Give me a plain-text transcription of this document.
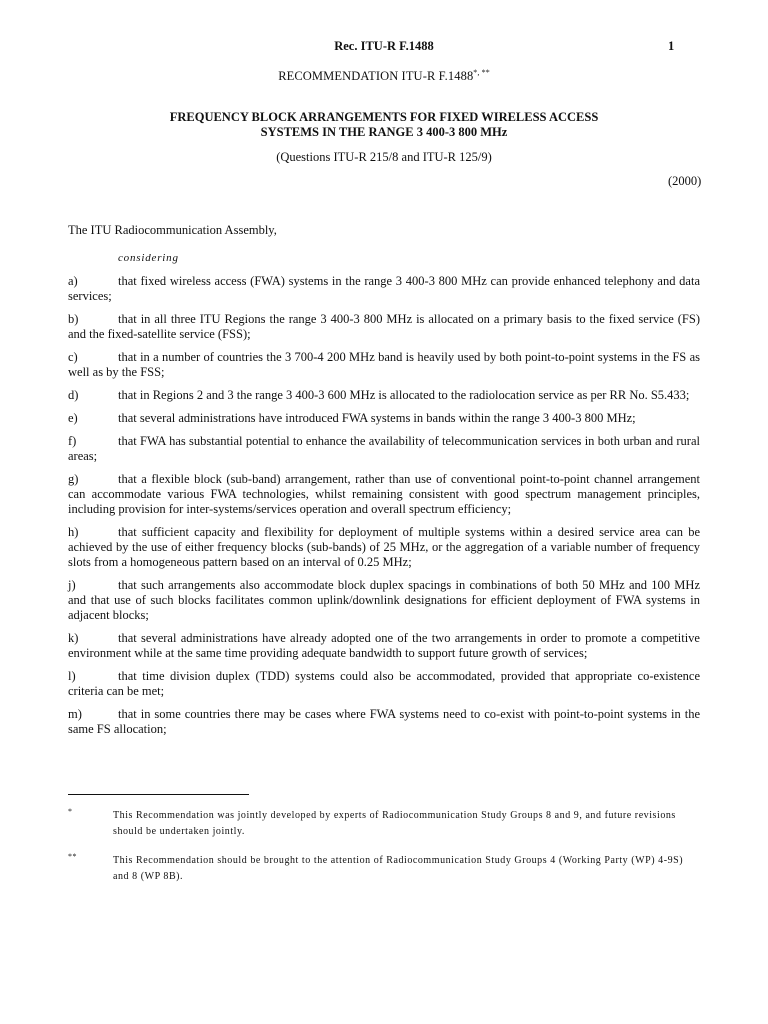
Rec. ITU-R F.1488	1
RECOMMENDATION ITU-R F.1488*, **
FREQUENCY BLOCK ARRANGEMENTS FOR FIXED WIRELESS ACCESS
SYSTEMS IN THE RANGE 3 400-3 800 MHz
(Questions ITU-R 215/8 and ITU-R 125/9)
(2000)
The ITU Radiocommunication Assembly,
considering
a)	that fixed wireless access (FWA) systems in the range 3 400-3 800 MHz can provide enhanced telephony and data services;
b)	that in all three ITU Regions the range 3 400-3 800 MHz is allocated on a primary basis to the fixed service (FS) and the fixed-satellite service (FSS);
c)	that in a number of countries the 3 700-4 200 MHz band is heavily used by both point-to-point systems in the FS as well as by the FSS;
d)	that in Regions 2 and 3 the range 3 400-3 600 MHz is allocated to the radiolocation service as per RR No. S5.433;
e)	that several administrations have introduced FWA systems in bands within the range 3 400-3 800 MHz;
f)	that FWA has substantial potential to enhance the availability of telecommunication services in both urban and rural areas;
g)	that a flexible block (sub-band) arrangement, rather than use of conventional point-to-point channel arrangement can accommodate various FWA technologies, whilst remaining consistent with good spectrum management principles, including provision for inter-systems/services operation and overall spectrum efficiency;
h)	that sufficient capacity and flexibility for deployment of multiple systems within a desired service area can be achieved by the use of either frequency blocks (sub-bands) of 25 MHz, or the aggregation of a variable number of frequency slots from a homogeneous pattern based on an interval of 0.25 MHz;
j)	that such arrangements also accommodate block duplex spacings in combinations of both 50 MHz and 100 MHz and that use of such blocks facilitates common uplink/downlink designations for efficient deployment of FWA systems in adjacent blocks;
k)	that several administrations have already adopted one of the two arrangements in order to promote a competitive environment while at the same time providing adequate bandwidth to support future growth of services;
l)	that time division duplex (TDD) systems could also be accommodated, provided that appropriate co-existence criteria can be met;
m)	that in some countries there may be cases where FWA systems need to co-exist with point-to-point systems in the same FS allocation;
*	This Recommendation was jointly developed by experts of Radiocommunication Study Groups 8 and 9, and future revisions should be undertaken jointly.
**	This Recommendation should be brought to the attention of Radiocommunication Study Groups 4 (Working Party (WP) 4-9S) and 8 (WP 8B).
